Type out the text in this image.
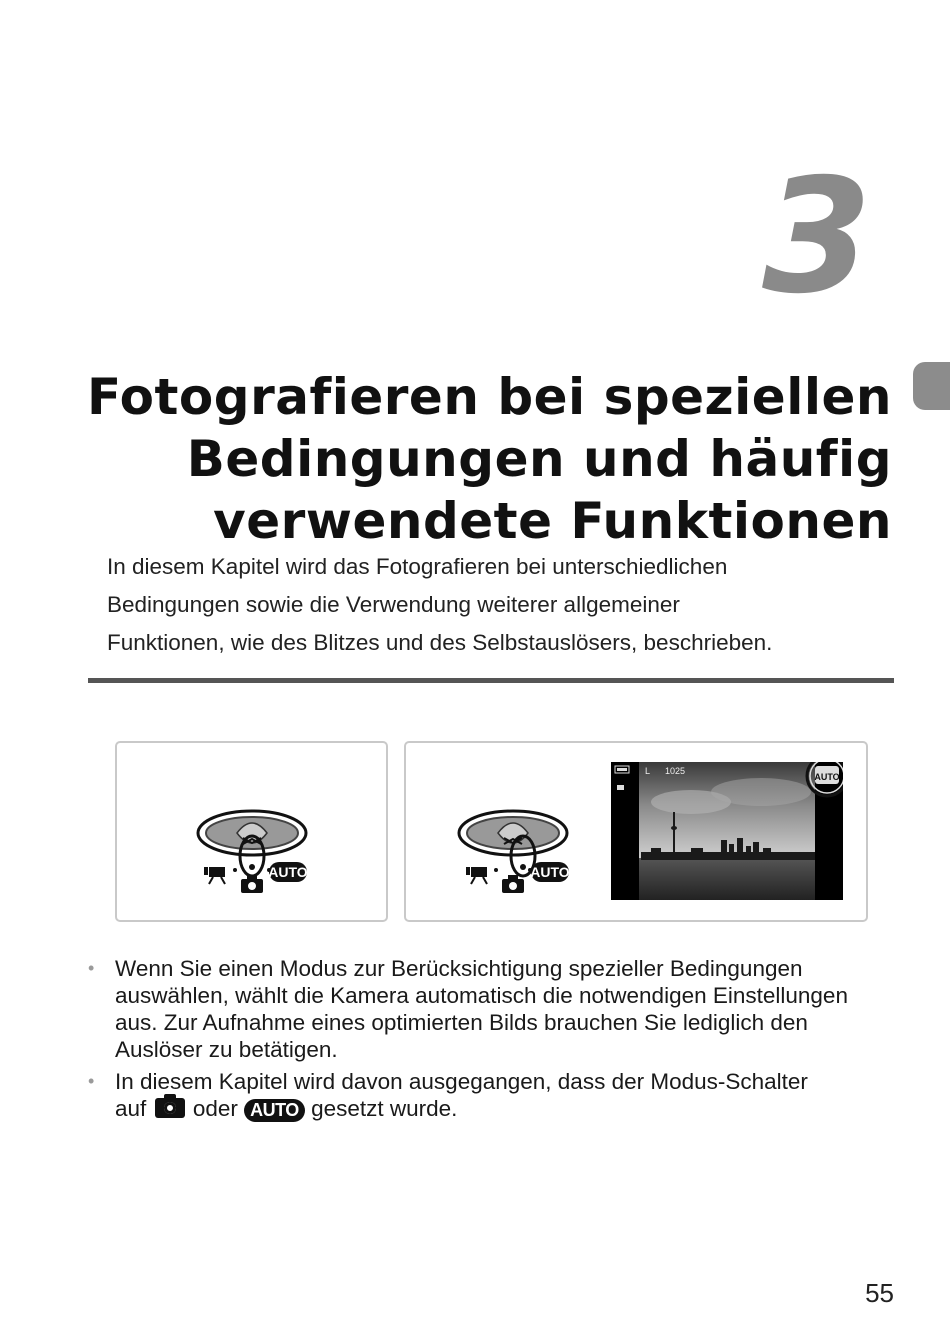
3
Fotografieren bei speziellen
Bedingungen und häufig
verwendete Funktionen

In diesem Kapitel wird das Fotografieren bei unterschiedlichen
Bedingungen sowie die Verwendung weiterer allgemeiner
Funktionen, wie des Blitzes und des Selbstauslösers, beschrieben.

AUTO	AUTO
L 1025
AUTO
• Wenn Sie einen Modus zur Berücksichtigung spezieller Bedingungen
auswählen, wählt die Kamera automatisch die notwendigen Einstellungen
aus. Zur Aufnahme eines optimierten Bilds brauchen Sie lediglich den
Auslöser zu betätigen.
• In diesem Kapitel wird davon ausgegangen, dass der Modus-Schalter
auf oder AUTO gesetzt wurde.
55
